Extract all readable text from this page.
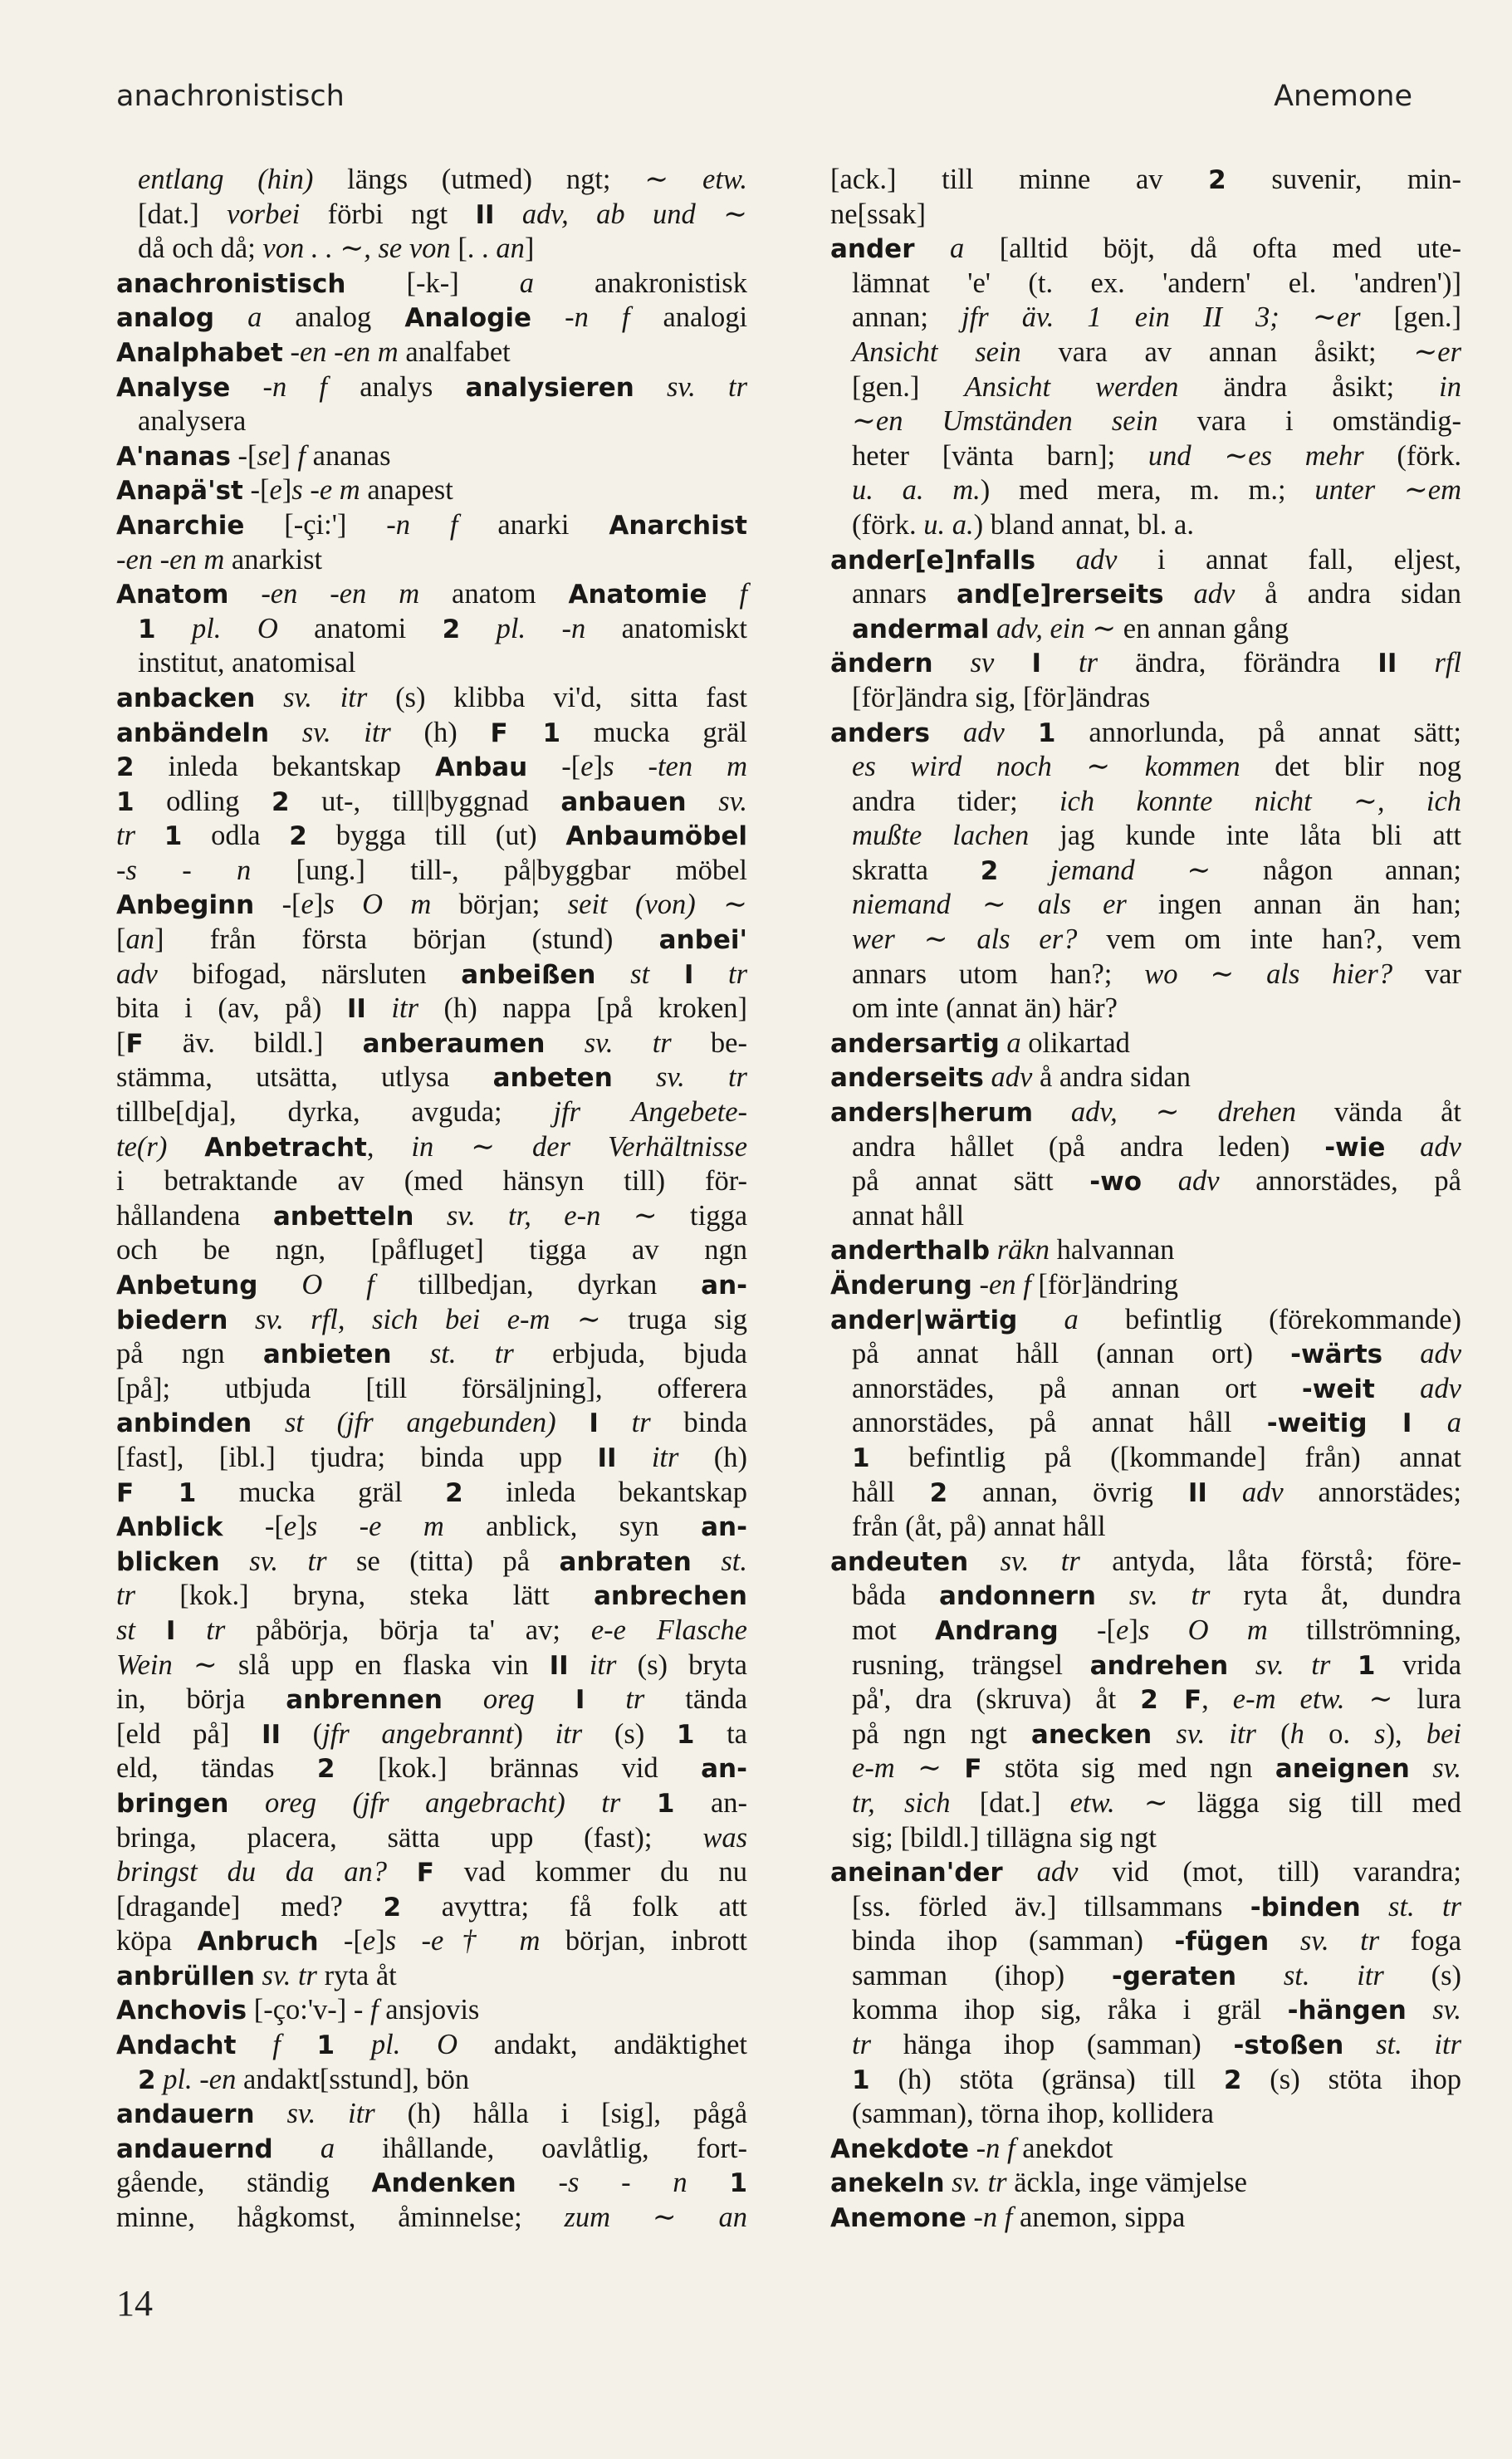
anachronistisch	Anemone
entlang (hin) längs (utmed) ngt; ∼ etw.
[dat.] vorbei förbi ngt II adv, ab und ∼
då och då; von . . ∼, se von [. . an]
anachronistisch [-k-] a anakronistisk
analog a analog Analogie -n f analogi
Analphabet -en -en m analfabet
Analyse -n f analys analysieren sv. tr
analysera
A'nanas -[se] f ananas
Anapä'st -[e]s -e m anapest
Anarchie [-çi:'] -n f anarki Anarchist
-en -en m anarkist
Anatom -en -en m anatom Anatomie f
1 pl. O anatomi 2 pl. -n anatomiskt
institut, anatomisal
anbacken sv. itr (s) klibba vi'd, sitta fast
anbändeln sv. itr (h) F 1 mucka gräl
2 inleda bekantskap Anbau -[e]s -ten m
1 odling 2 ut-, till|byggnad anbauen sv.
tr 1 odla 2 bygga till (ut) Anbaumöbel
-s - n [ung.] till-, på|byggbar möbel
Anbeginn -[e]s O m början; seit (von) ∼
[an] från första början (stund) anbei'
adv bifogad, närsluten anbeißen st I tr
bita i (av, på) II itr (h) nappa [på kroken]
[F äv. bildl.] anberaumen sv. tr be-
stämma, utsätta, utlysa anbeten sv. tr
tillbe[dja], dyrka, avguda; jfr Angebete-
te(r) Anbetracht, in ∼ der Verhältnisse
i betraktande av (med hänsyn till) för-
hållandena anbetteln sv. tr, e-n ∼ tigga
och be ngn, [påfluget] tigga av ngn
Anbetung O f tillbedjan, dyrkan an-
biedern sv. rfl, sich bei e-m ∼ truga sig
på ngn anbieten st. tr erbjuda, bjuda
[på]; utbjuda [till försäljning], offerera
anbinden st (jfr angebunden) I tr binda
[fast], [ibl.] tjudra; binda upp II itr (h)
F 1 mucka gräl 2 inleda bekantskap
Anblick -[e]s -e m anblick, syn an-
blicken sv. tr se (titta) på anbraten st.
tr [kok.] bryna, steka lätt anbrechen
st I tr påbörja, börja ta' av; e-e Flasche
Wein ∼ slå upp en flaska vin II itr (s) bryta
in, börja anbrennen oreg I tr tända
[eld på] II (jfr angebrannt) itr (s) 1 ta
eld, tändas 2 [kok.] brännas vid an-
bringen oreg (jfr angebracht) tr 1 an-
bringa, placera, sätta upp (fast); was
bringst du da an? F vad kommer du nu
[dragande] med? 2 avyttra; få folk att
köpa Anbruch -[e]s -e† m början, inbrott
anbrüllen sv. tr ryta åt
Anchovis [-ço:'v-] - f ansjovis
Andacht f 1 pl. O andakt, andäktighet
2 pl. -en andakt[sstund], bön
andauern sv. itr (h) hålla i [sig], pågå
andauernd a ihållande, oavlåtlig, fort-
gående, ständig Andenken -s - n 1
minne, hågkomst, åminnelse; zum ∼ an
[ack.] till minne av 2 suvenir, min-
ne[ssak]
ander a [alltid böjt, då ofta med ute-
lämnat 'e' (t. ex. 'andern' el. 'andren')]
annan; jfr äv. 1 ein II 3; ∼er [gen.]
Ansicht sein vara av annan åsikt; ∼er
[gen.] Ansicht werden ändra åsikt; in
∼en Umständen sein vara i omständig-
heter [vänta barn]; und ∼es mehr (förk.
u. a. m.) med mera, m. m.; unter ∼em
(förk. u. a.) bland annat, bl. a.
ander[e]nfalls adv i annat fall, eljest,
annars and[e]rerseits adv å andra sidan
andermal adv, ein ∼ en annan gång
ändern sv I tr ändra, förändra II rfl
[för]ändra sig, [för]ändras
anders adv 1 annorlunda, på annat sätt;
es wird noch ∼ kommen det blir nog
andra tider; ich konnte nicht ∼, ich
mußte lachen jag kunde inte låta bli att
skratta 2 jemand ∼ någon annan;
niemand ∼ als er ingen annan än han;
wer ∼ als er? vem om inte han?, vem
annars utom han?; wo ∼ als hier? var
om inte (annat än) här?
andersartig a olikartad
anderseits adv å andra sidan
anders|herum adv, ∼ drehen vända åt
andra hållet (på andra leden) -wie adv
på annat sätt -wo adv annorstädes, på
annat håll
anderthalb räkn halvannan
Änderung -en f [för]ändring
ander|wärtig a befintlig (förekommande)
på annat håll (annan ort) -wärts adv
annorstädes, på annan ort -weit adv
annorstädes, på annat håll -weitig I a
1 befintlig på ([kommande] från) annat
håll 2 annan, övrig II adv annorstädes;
från (åt, på) annat håll
andeuten sv. tr antyda, låta förstå; före-
båda andonnern sv. tr ryta åt, dundra
mot Andrang -[e]s O m tillströmning,
rusning, trängsel andrehen sv. tr 1 vrida
på', dra (skruva) åt 2 F, e-m etw. ∼ lura
på ngn ngt anecken sv. itr (h o. s), bei
e-m ∼ F stöta sig med ngn aneignen sv.
tr, sich [dat.] etw. ∼ lägga sig till med
sig; [bildl.] tillägna sig ngt
aneinan'der adv vid (mot, till) varandra;
[ss. förled äv.] tillsammans -binden st. tr
binda ihop (samman) -fügen sv. tr foga
samman (ihop) -geraten st. itr (s)
komma ihop sig, råka i gräl -hängen sv.
tr hänga ihop (samman) -stoßen st. itr
1 (h) stöta (gränsa) till 2 (s) stöta ihop
(samman), törna ihop, kollidera
Anekdote -n f anekdot
anekeln sv. tr äckla, inge vämjelse
Anemone -n f anemon, sippa
14
